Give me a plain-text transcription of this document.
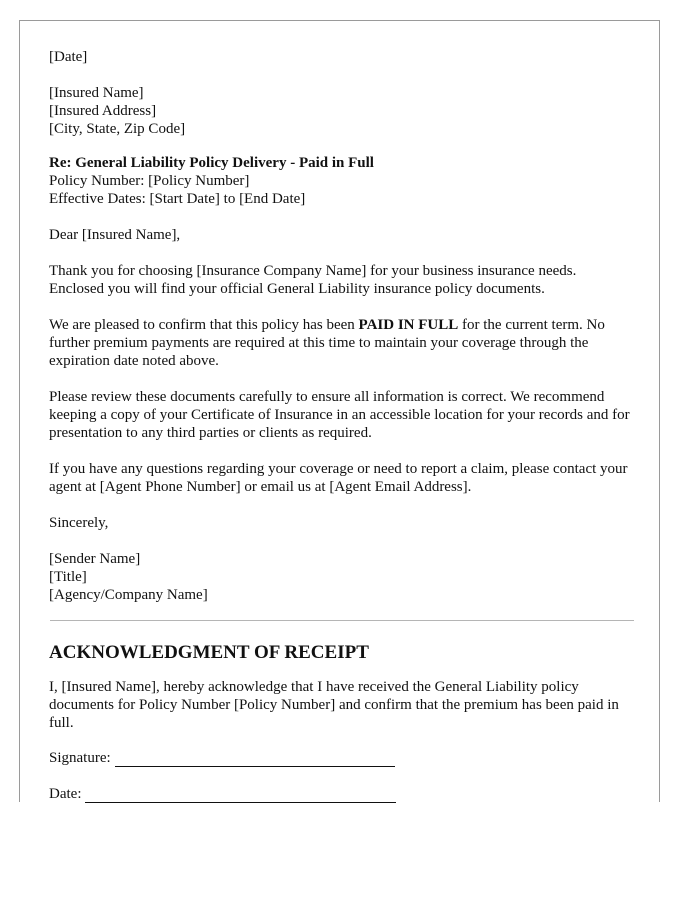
[Date]

[Insured Name]

[Insured Address]

[City, State, Zip Code]

Re: General Liability Policy Delivery - Paid in Full

Policy Number: [Policy Number]

Effective Dates: [Start Date] to [End Date]

Dear [Insured Name],

Thank you for choosing [Insurance Company Name] for your business insurance needs. Enclosed you will find your official General Liability insurance policy documents.

We are pleased to confirm that this policy has been PAID IN FULL for the current term. No further premium payments are required at this time to maintain your coverage through the expiration date noted above.

Please review these documents carefully to ensure all information is correct. We recommend keeping a copy of your Certificate of Insurance in an accessible location for your records and for presentation to any third parties or clients as required.

If you have any questions regarding your coverage or need to report a claim, please contact your agent at [Agent Phone Number] or email us at [Agent Email Address].

Sincerely,

[Sender Name]

[Title]

[Agency/Company Name]

ACKNOWLEDGMENT OF RECEIPT

I, [Insured Name], hereby acknowledge that I have received the General Liability policy documents for Policy Number [Policy Number] and confirm that the premium has been paid in full.

Signature:
Date:
